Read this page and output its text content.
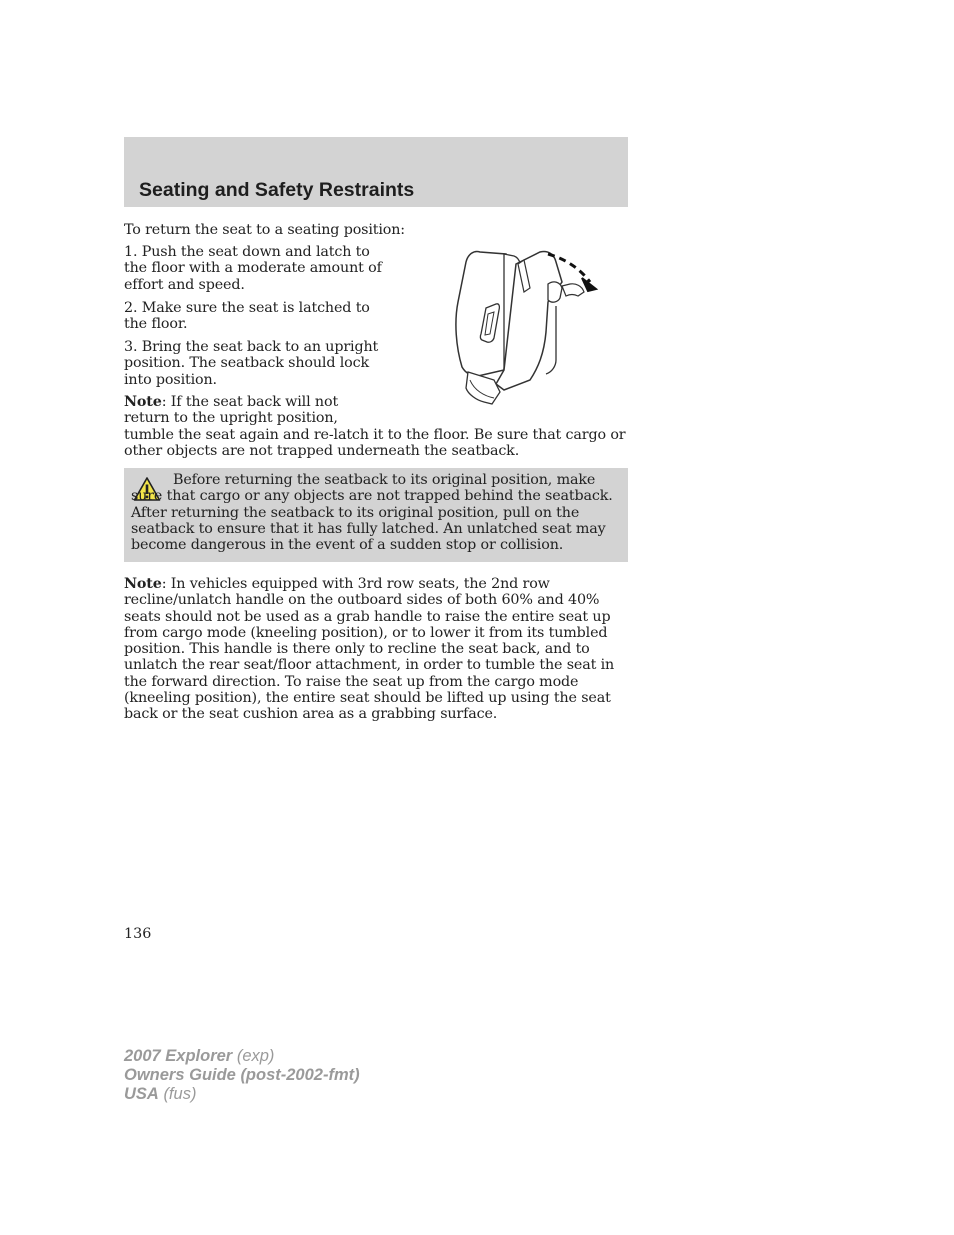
Seating and Safety Restraints

To return the seat to a seating position:

1. Push the seat down and latch to the floor with a moderate amount of effort and speed.

2. Make sure the seat is latched to the floor.

3. Bring the seat back to an upright position. The seatback should lock into position.

Note: If the seat back will not

return to the upright position,

tumble the seat again and re-latch it to the floor. Be sure that cargo or other objects are not trapped underneath the seatback.

Before returning the seatback to its original position, make sure that cargo or any objects are not trapped behind the seatback. After returning the seatback to its original position, pull on the seatback to ensure that it has fully latched. An unlatched seat may become dangerous in the event of a sudden stop or collision.

Note: In vehicles equipped with 3rd row seats, the 2nd row recline/unlatch handle on the outboard sides of both 60% and 40% seats should not be used as a grab handle to raise the entire seat up from cargo mode (kneeling position), or to lower it from its tumbled position. This handle is there only to recline the seat back, and to unlatch the rear seat/floor attachment, in order to tumble the seat in the forward direction. To raise the seat up from the cargo mode (kneeling position), the entire seat should be lifted up using the seat back or the seat cushion area as a grabbing surface.

136
2007 Explorer (exp)
Owners Guide (post-2002-fmt)
USA (fus)
